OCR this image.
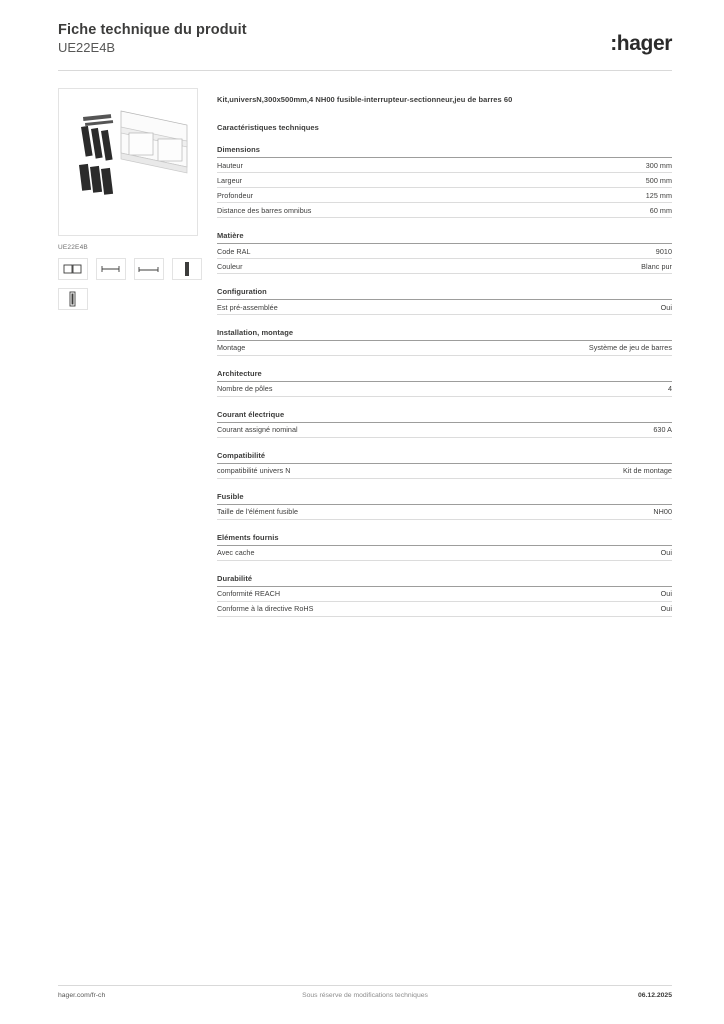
Fiche technique du produit
UE22E4B	:hager
UE22E4B
Kit,universN,300x500mm,4 NH00 fusible-interrupteur-sectionneur,jeu de barres 60
Caractéristiques techniques
Dimensions
Hauteur	300 mm
Largeur	500 mm
Profondeur	125 mm
Distance des barres omnibus	60 mm
Matière
Code RAL	9010
Couleur	Blanc pur
Configuration
Est pré-assemblée	Oui
Installation, montage
Montage	Système de jeu de barres
Architecture
Nombre de pôles	4
Courant électrique
Courant assigné nominal	630 A
Compatibilité
compatibilité univers N	Kit de montage
Fusible
Taille de l'élément fusible	NH00
Eléments fournis
Avec cache	Oui
Durabilité
Conformité REACH	Oui
Conforme à la directive RoHS	Oui
hager.com/fr-ch	Sous réserve de modifications techniques	06.12.2025
